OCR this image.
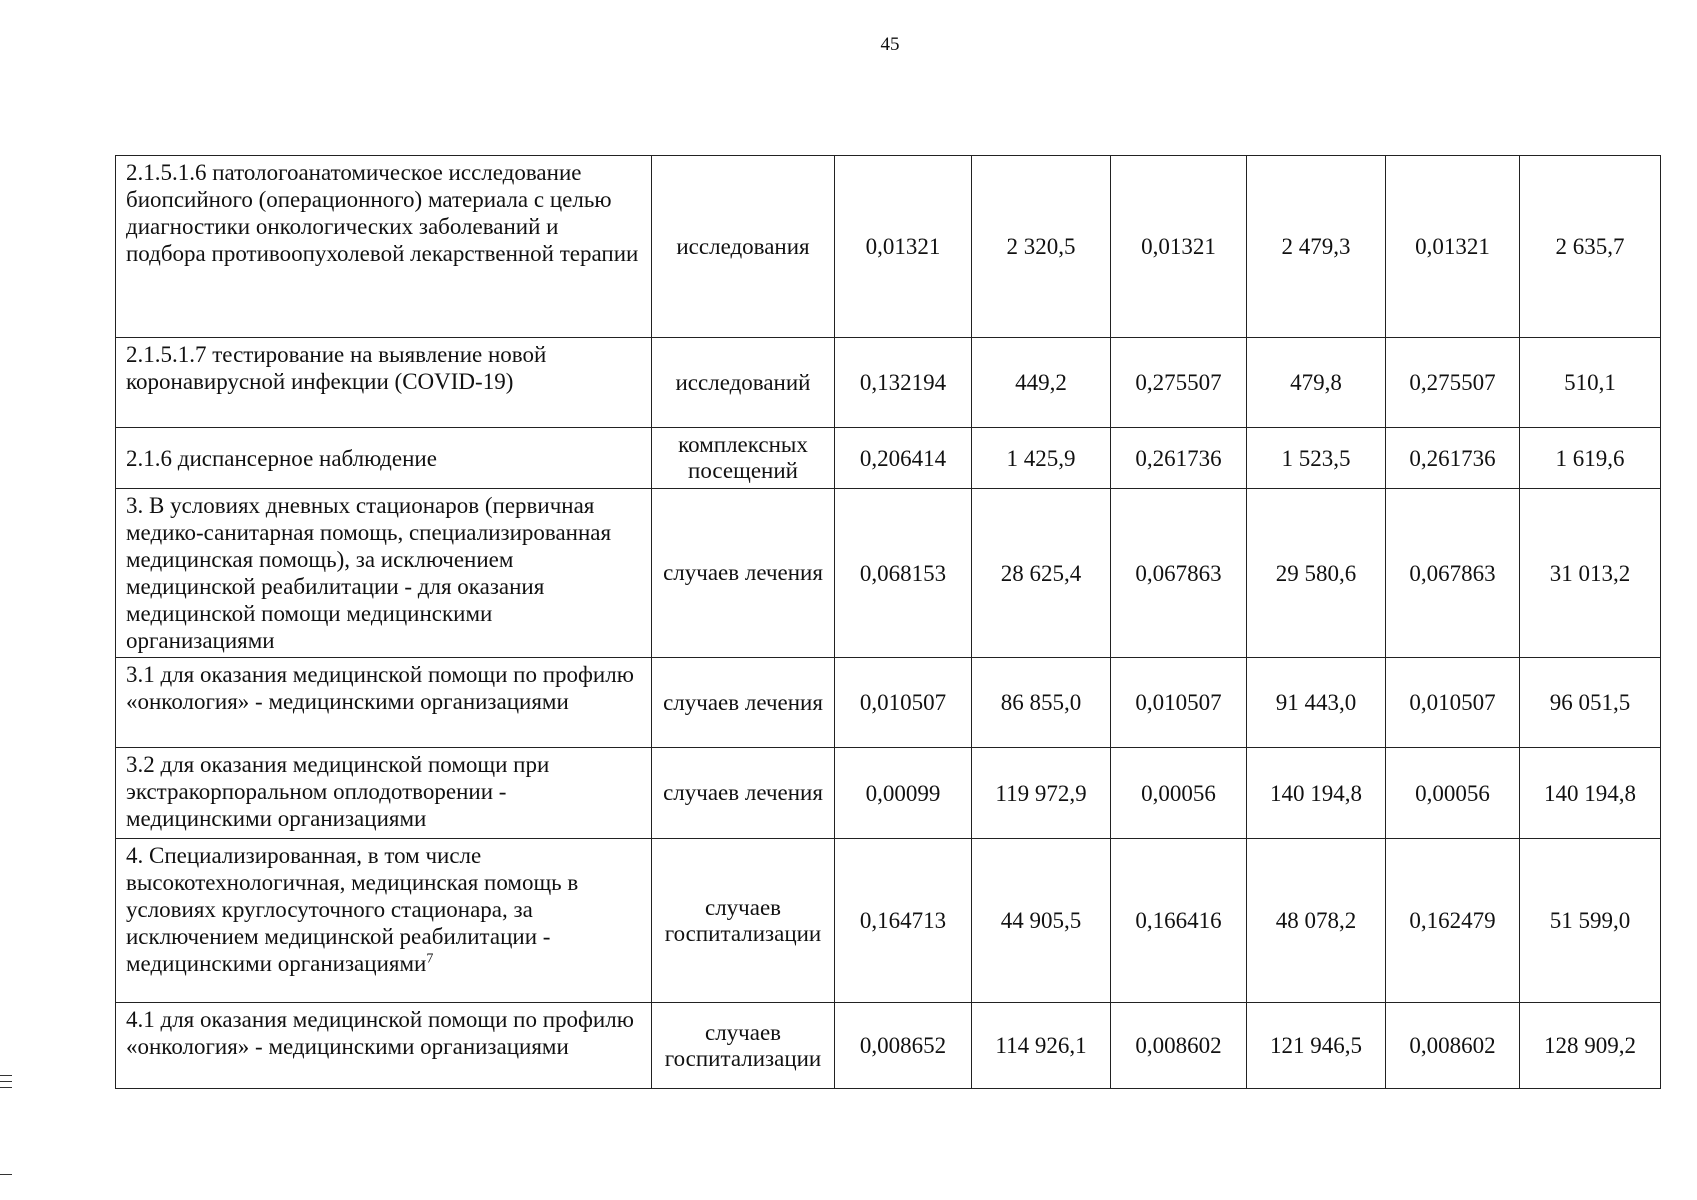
45
2.1.5.1.6 патологоанатомическое исследование биопсийного (операционного) материала с целью диагностики онкологических заболеваний и подбора противоопухолевой лекарственной терапии	исследования	0,01321	2 320,5	0,01321	2 479,3	0,01321	2 635,7
2.1.5.1.7 тестирование на выявление новой коронавирусной инфекции (COVID-19)	исследований	0,132194	449,2	0,275507	479,8	0,275507	510,1
2.1.6 диспансерное наблюдение	комплексных посещений	0,206414	1 425,9	0,261736	1 523,5	0,261736	1 619,6
3. В условиях дневных стационаров (первичная медико-санитарная помощь, специализированная медицинская помощь), за исключением медицинской реабилитации - для оказания медицинской помощи медицинскими организациями	случаев лечения	0,068153	28 625,4	0,067863	29 580,6	0,067863	31 013,2
3.1 для оказания медицинской помощи по профилю «онкология» - медицинскими организациями	случаев лечения	0,010507	86 855,0	0,010507	91 443,0	0,010507	96 051,5
3.2 для оказания медицинской помощи при экстракорпоральном оплодотворении - медицинскими организациями	случаев лечения	0,00099	119 972,9	0,00056	140 194,8	0,00056	140 194,8
4. Специализированная, в том числе высокотехнологичная, медицинская помощь в условиях круглосуточного стационара, за исключением медицинской реабилитации - медицинскими организациями$^7$	случаев госпитализации	0,164713	44 905,5	0,166416	48 078,2	0,162479	51 599,0
4.1 для оказания медицинской помощи по профилю «онкология» - медицинскими организациями	случаев госпитализации	0,008652	114 926,1	0,008602	121 946,5	0,008602	128 909,2
